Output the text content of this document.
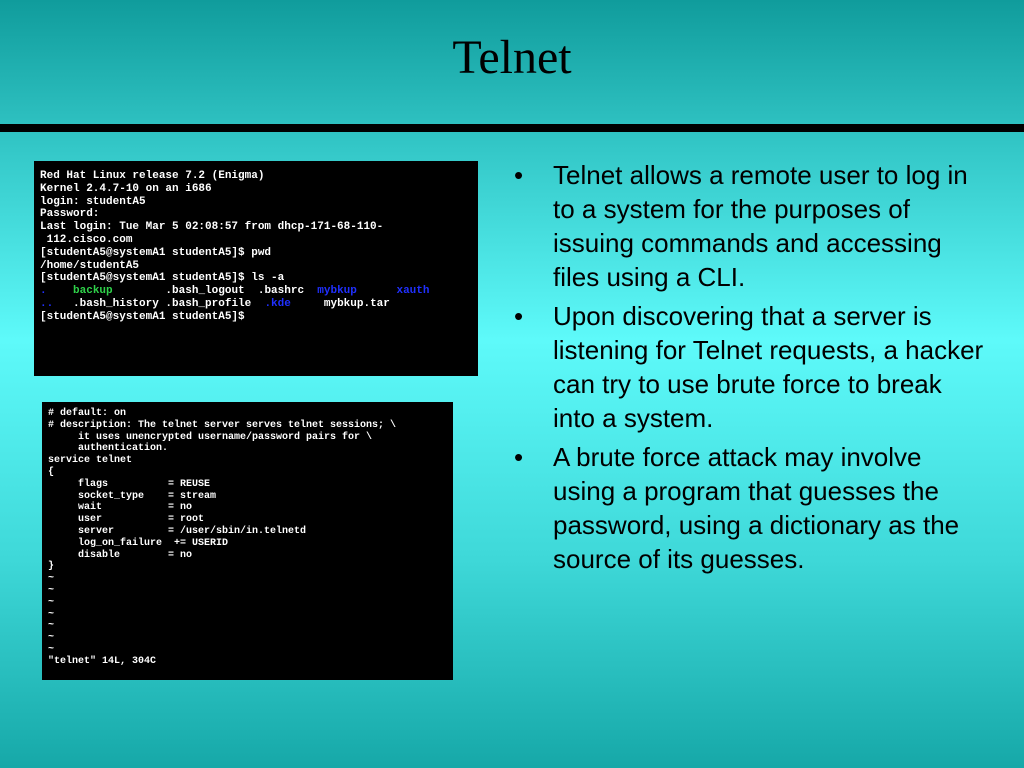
Telnet
Red Hat Linux release 7.2 (Enigma)
Kernel 2.4.7-10 on an i686
login: studentA5
Password:
Last login: Tue Mar 5 02:08:57 from dhcp-171-68-110-
112.cisco.com
[studentA5@systemA1 studentA5]$ pwd
/home/studentA5
[studentA5@systemA1 studentA5]$ ls -a
.    backup        .bash_logout  .bashrc  mybkup	xauth
..   .bash_history .bash_profile  .kde     mybkup.tar
[studentA5@systemA1 studentA5]$
# default: on
# description: The telnet server serves telnet sessions; \
it uses unencrypted username/password pairs for \
authentication.
service telnet
{
flags          = REUSE
socket_type    = stream
wait           = no
user           = root
server         = /user/sbin/in.telnetd
log_on_failure  += USERID
disable        = no
}
~
~
~
~
~
~
~
"telnet" 14L, 304C
• Telnet allows a remote user to log in to a system for the purposes of issuing commands and accessing files using a CLI.
• Upon discovering that a server is listening for Telnet requests, a hacker can try to use brute force to break into a system.
• A brute force attack may involve using a program that guesses the password, using a dictionary as the source of its guesses.
